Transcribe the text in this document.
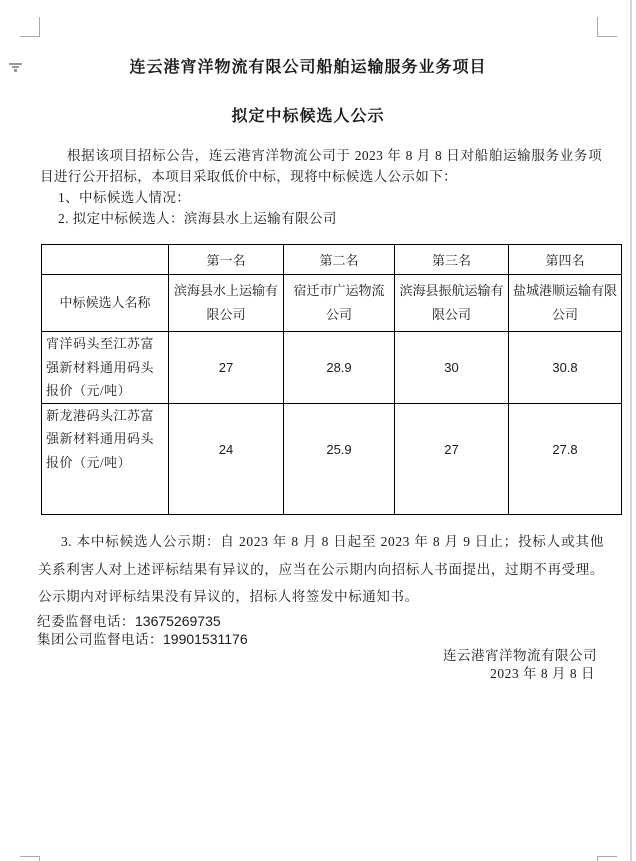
连云港宵洋物流有限公司船舶运输服务业务项目
拟定中标候选人公示
根据该项目招标公告，连云港宵洋物流公司于 2023 年 8 月 8 日对船舶运输服务业务项目进行公开招标，本项目采取低价中标，现将中标候选人公示如下：
1、中标候选人情况：
2. 拟定中标候选人：滨海县水上运输有限公司
	第一名	第二名	第三名	第四名
中标候选人名称	滨海县水上运输有限公司	宿迁市广运物流公司	滨海县振航运输有限公司	盐城港顺运输有限公司
宵洋码头至江苏富强新材料通用码头报价（元/吨）	27	28.9	30	30.8
新龙港码头江苏富强新材料通用码头报价（元/吨）	24	25.9	27	27.8
3. 本中标候选人公示期：自 2023 年 8 月 8 日起至 2023 年 8 月 9 日止；投标人或其他关系利害人对上述评标结果有异议的，应当在公示期内向招标人书面提出，过期不再受理。公示期内对评标结果没有异议的，招标人将签发中标通知书。
纪委监督电话：13675269735
集团公司监督电话：19901531176
连云港宵洋物流有限公司
2023 年 8 月 8 日
